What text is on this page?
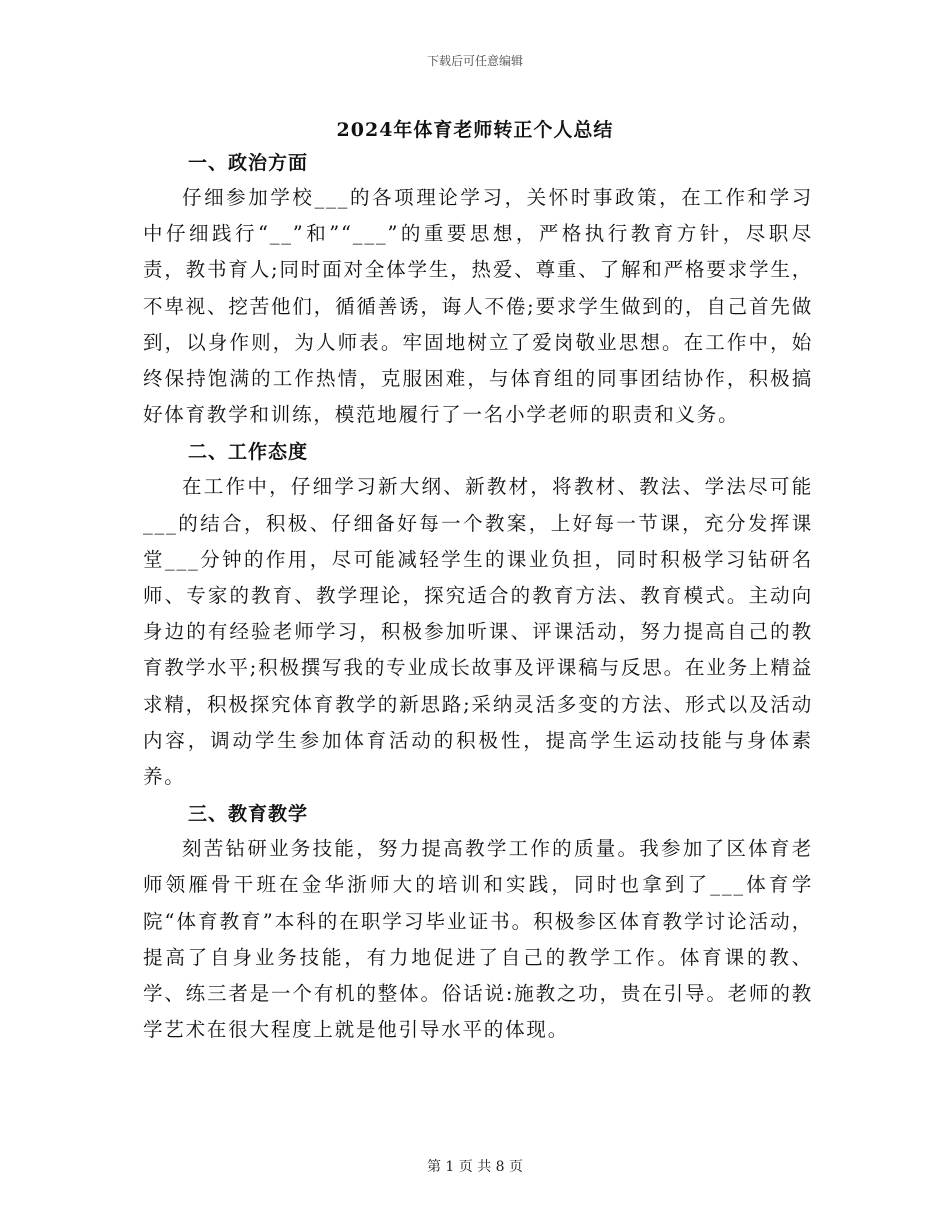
下载后可任意编辑
2024年体育老师转正个人总结
一、政治方面

仔细参加学校___的各项理论学习，关怀时事政策，在工作和学习中仔细践行“__”和”“___”的重要思想，严格执行教育方针，尽职尽责，教书育人;同时面对全体学生，热爱、尊重、了解和严格要求学生，不卑视、挖苦他们，循循善诱，诲人不倦;要求学生做到的，自己首先做到，以身作则，为人师表。牢固地树立了爱岗敬业思想。在工作中，始终保持饱满的工作热情，克服困难，与体育组的同事团结协作，积极搞好体育教学和训练，模范地履行了一名小学老师的职责和义务。

二、工作态度

在工作中，仔细学习新大纲、新教材，将教材、教法、学法尽可能___的结合，积极、仔细备好每一个教案，上好每一节课，充分发挥课堂___分钟的作用，尽可能减轻学生的课业负担，同时积极学习钻研名师、专家的教育、教学理论，探究适合的教育方法、教育模式。主动向身边的有经验老师学习，积极参加听课、评课活动，努力提高自己的教育教学水平;积极撰写我的专业成长故事及评课稿与反思。在业务上精益求精，积极探究体育教学的新思路;采纳灵活多变的方法、形式以及活动内容，调动学生参加体育活动的积极性，提高学生运动技能与身体素养。

三、教育教学

刻苦钻研业务技能，努力提高教学工作的质量。我参加了区体育老师领雁骨干班在金华浙师大的培训和实践，同时也拿到了___体育学院“体育教育”本科的在职学习毕业证书。积极参区体育教学讨论活动，提高了自身业务技能，有力地促进了自己的教学工作。体育课的教、学、练三者是一个有机的整体。俗话说:施教之功，贵在引导。老师的教学艺术在很大程度上就是他引导水平的体现。

第 1 页 共 8 页
